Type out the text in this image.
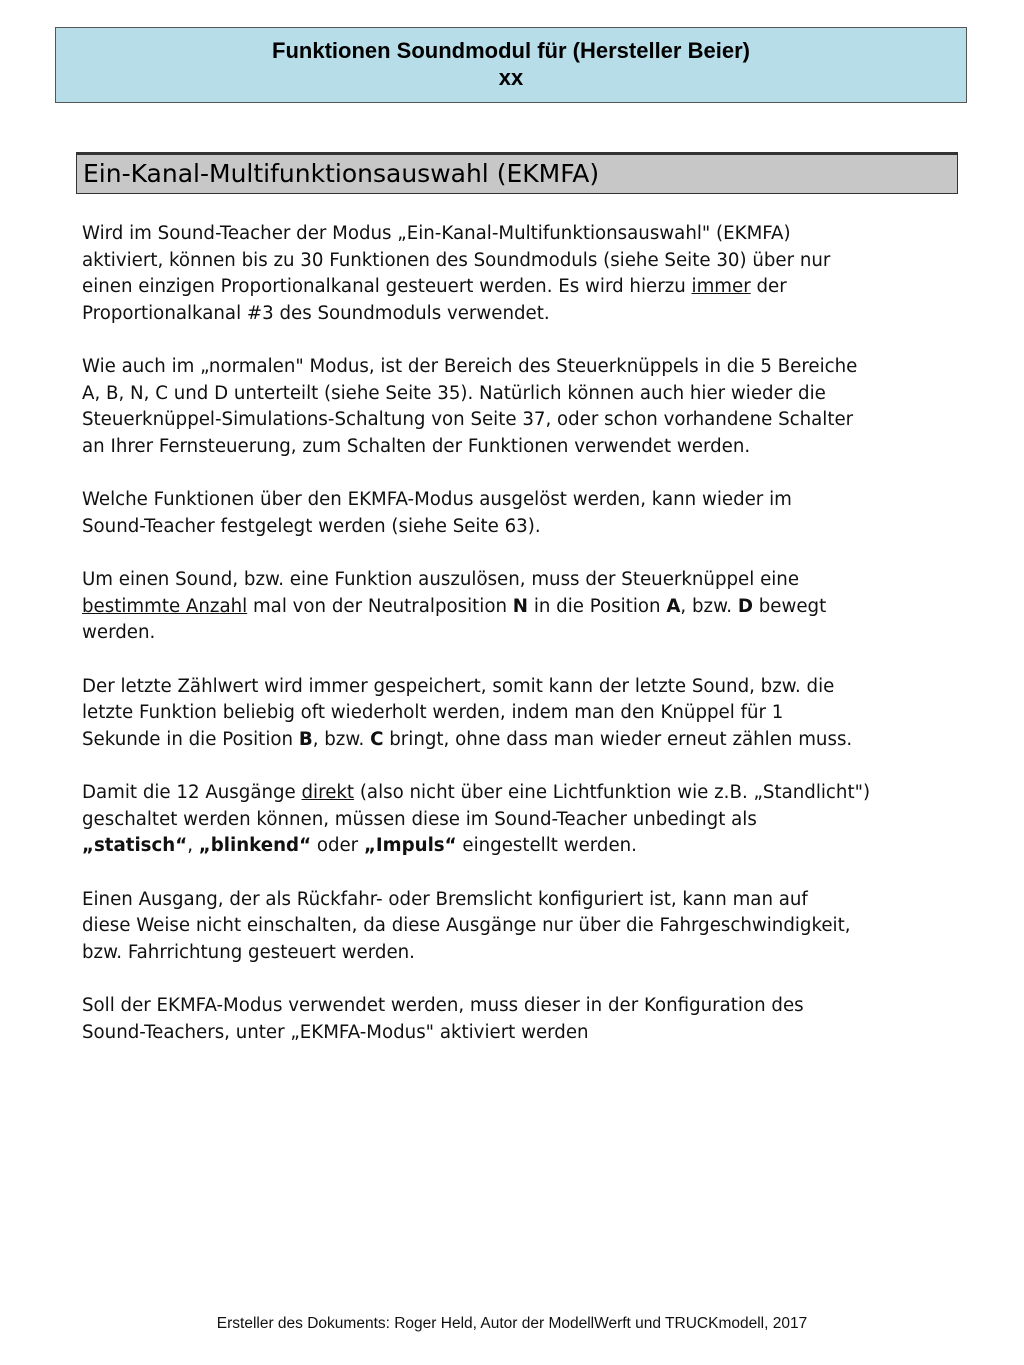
Funktionen Soundmodul für (Hersteller Beier)
xx
Ein-Kanal-Multifunktionsauswahl (EKMFA)

Wird im Sound-Teacher der Modus „Ein-Kanal-Multifunktionsauswahl" (EKMFA)
aktiviert, können bis zu 30 Funktionen des Soundmoduls (siehe Seite 30) über nur
einen einzigen Proportionalkanal gesteuert werden. Es wird hierzu immer der
Proportionalkanal #3 des Soundmoduls verwendet.

Wie auch im „normalen" Modus, ist der Bereich des Steuerknüppels in die 5 Bereiche
A, B, N, C und D unterteilt (siehe Seite 35). Natürlich können auch hier wieder die
Steuerknüppel-Simulations-Schaltung von Seite 37, oder schon vorhandene Schalter
an Ihrer Fernsteuerung, zum Schalten der Funktionen verwendet werden.

Welche Funktionen über den EKMFA-Modus ausgelöst werden, kann wieder im
Sound-Teacher festgelegt werden (siehe Seite 63).

Um einen Sound, bzw. eine Funktion auszulösen, muss der Steuerknüppel eine
bestimmte Anzahl mal von der Neutralposition N in die Position A, bzw. D bewegt
werden.

Der letzte Zählwert wird immer gespeichert, somit kann der letzte Sound, bzw. die
letzte Funktion beliebig oft wiederholt werden, indem man den Knüppel für 1
Sekunde in die Position B, bzw. C bringt, ohne dass man wieder erneut zählen muss.

Damit die 12 Ausgänge direkt (also nicht über eine Lichtfunktion wie z.B. „Standlicht")
geschaltet werden können, müssen diese im Sound-Teacher unbedingt als
„statisch“, „blinkend“ oder „Impuls“ eingestellt werden.

Einen Ausgang, der als Rückfahr- oder Bremslicht konfiguriert ist, kann man auf
diese Weise nicht einschalten, da diese Ausgänge nur über die Fahrgeschwindigkeit,
bzw. Fahrrichtung gesteuert werden.

Soll der EKMFA-Modus verwendet werden, muss dieser in der Konfiguration des
Sound-Teachers, unter „EKMFA-Modus" aktiviert werden

Ersteller des Dokuments: Roger Held, Autor der ModellWerft und TRUCKmodell, 2017
